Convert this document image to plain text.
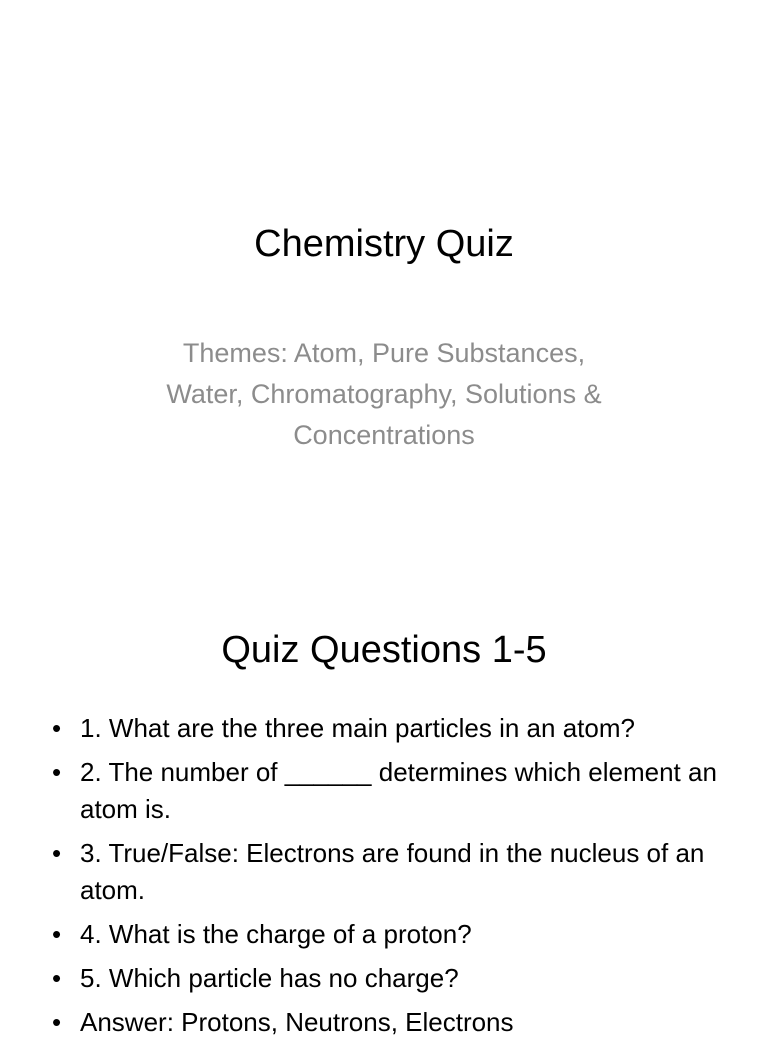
Chemistry Quiz
Themes: Atom, Pure Substances,
Water, Chromatography, Solutions &
Concentrations
Quiz Questions 1-5
• 1. What are the three main particles in an atom?
• 2. The number of ______ determines which element an atom is.
• 3. True/False: Electrons are found in the nucleus of an atom.
• 4. What is the charge of a proton?
• 5. Which particle has no charge?
• Answer: Protons, Neutrons, Electrons
